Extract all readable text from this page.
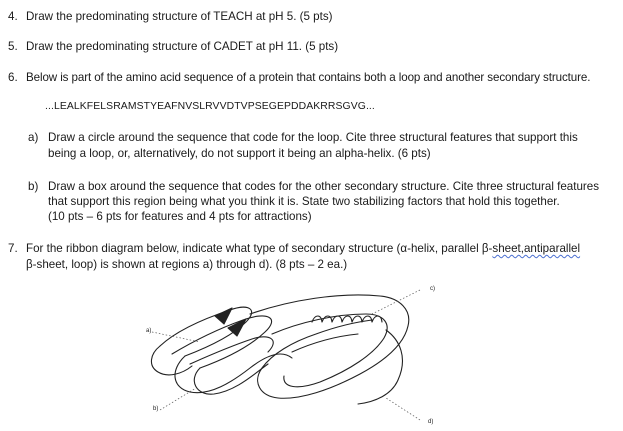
4. Draw the predominating structure of TEACH at pH 5. (5 pts)
5. Draw the predominating structure of CADET at pH 11. (5 pts)
6. Below is part of the amino acid sequence of a protein that contains both a loop and another secondary structure.
...LEALKFELSRAMSTYEAFNVSLRVVDTVPSEGEPDDAKRRSGVG...
a) Draw a circle around the sequence that code for the loop. Cite three structural features that support this
being a loop, or, alternatively, do not support it being an alpha-helix. (6 pts)
b) Draw a box around the sequence that codes for the other secondary structure. Cite three structural features
that support this region being what you think it is. State two stabilizing factors that hold this together.
(10 pts – 6 pts for features and 4 pts for attractions)
7. For the ribbon diagram below, indicate what type of secondary structure (α-helix, parallel β-sheet,antiparallel
β-sheet, loop) is shown at regions a) through d). (8 pts – 2 ea.)
a)
b)
c)
d)
